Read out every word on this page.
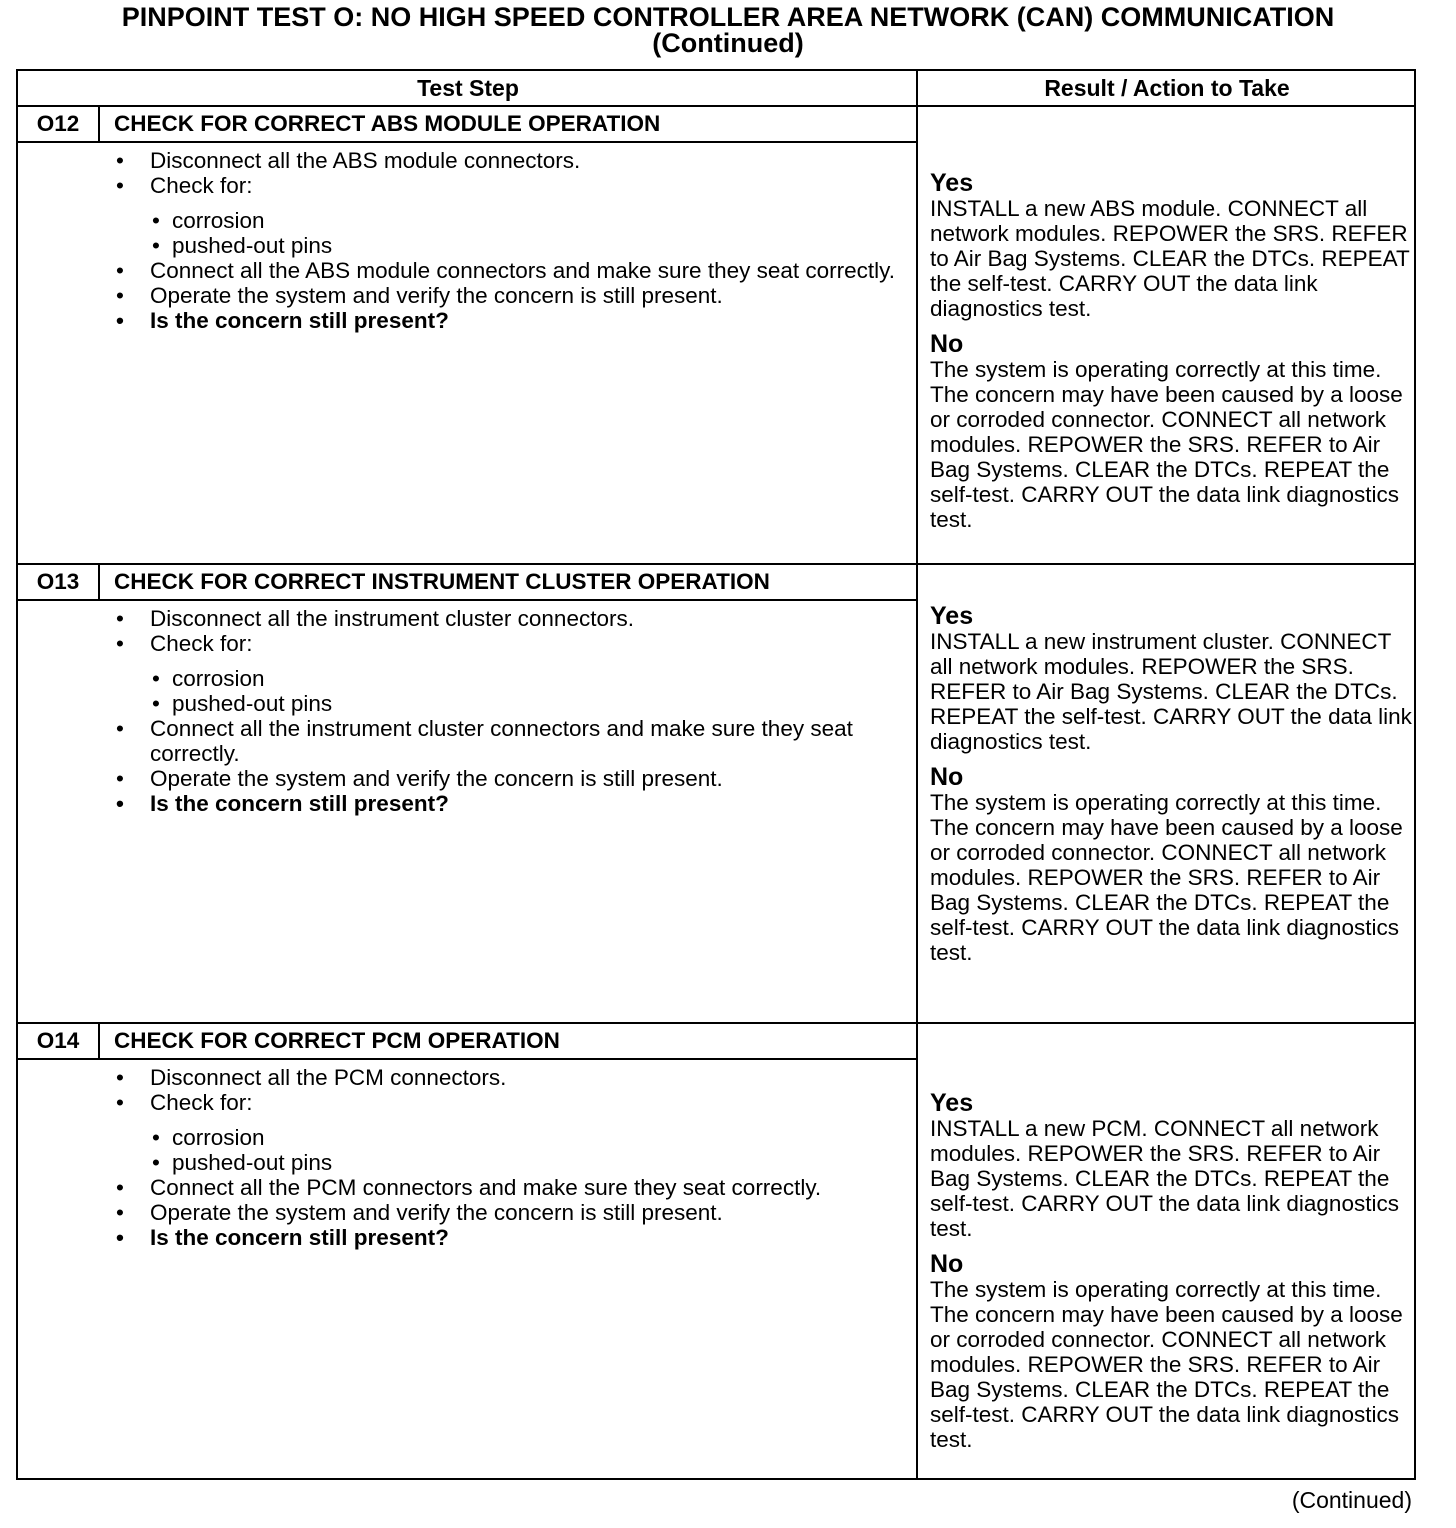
PINPOINT TEST O: NO HIGH SPEED CONTROLLER AREA NETWORK (CAN) COMMUNICATION
(Continued)
Test Step	Result / Action to Take
O12	CHECK FOR CORRECT ABS MODULE OPERATION
• Disconnect all the ABS module connectors.
• Check for:
• corrosion
• pushed-out pins
• Connect all the ABS module connectors and make sure they seat correctly.
• Operate the system and verify the concern is still present.
• Is the concern still present?
Yes
INSTALL a new ABS module. CONNECT all network modules. REPOWER the SRS. REFER to Air Bag Systems. CLEAR the DTCs. REPEAT the self-test. CARRY OUT the data link diagnostics test.
No
The system is operating correctly at this time. The concern may have been caused by a loose or corroded connector. CONNECT all network modules. REPOWER the SRS. REFER to Air Bag Systems. CLEAR the DTCs. REPEAT the self-test. CARRY OUT the data link diagnostics test.
O13	CHECK FOR CORRECT INSTRUMENT CLUSTER OPERATION
• Disconnect all the instrument cluster connectors.
• Check for:
• corrosion
• pushed-out pins
• Connect all the instrument cluster connectors and make sure they seat correctly.
• Operate the system and verify the concern is still present.
• Is the concern still present?
Yes
INSTALL a new instrument cluster. CONNECT all network modules. REPOWER the SRS. REFER to Air Bag Systems. CLEAR the DTCs. REPEAT the self-test. CARRY OUT the data link diagnostics test.
No
The system is operating correctly at this time. The concern may have been caused by a loose or corroded connector. CONNECT all network modules. REPOWER the SRS. REFER to Air Bag Systems. CLEAR the DTCs. REPEAT the self-test. CARRY OUT the data link diagnostics test.
O14	CHECK FOR CORRECT PCM OPERATION
• Disconnect all the PCM connectors.
• Check for:
• corrosion
• pushed-out pins
• Connect all the PCM connectors and make sure they seat correctly.
• Operate the system and verify the concern is still present.
• Is the concern still present?
Yes
INSTALL a new PCM. CONNECT all network modules. REPOWER the SRS. REFER to Air Bag Systems. CLEAR the DTCs. REPEAT the self-test. CARRY OUT the data link diagnostics test.
No
The system is operating correctly at this time. The concern may have been caused by a loose or corroded connector. CONNECT all network modules. REPOWER the SRS. REFER to Air Bag Systems. CLEAR the DTCs. REPEAT the self-test. CARRY OUT the data link diagnostics test.
(Continued)
